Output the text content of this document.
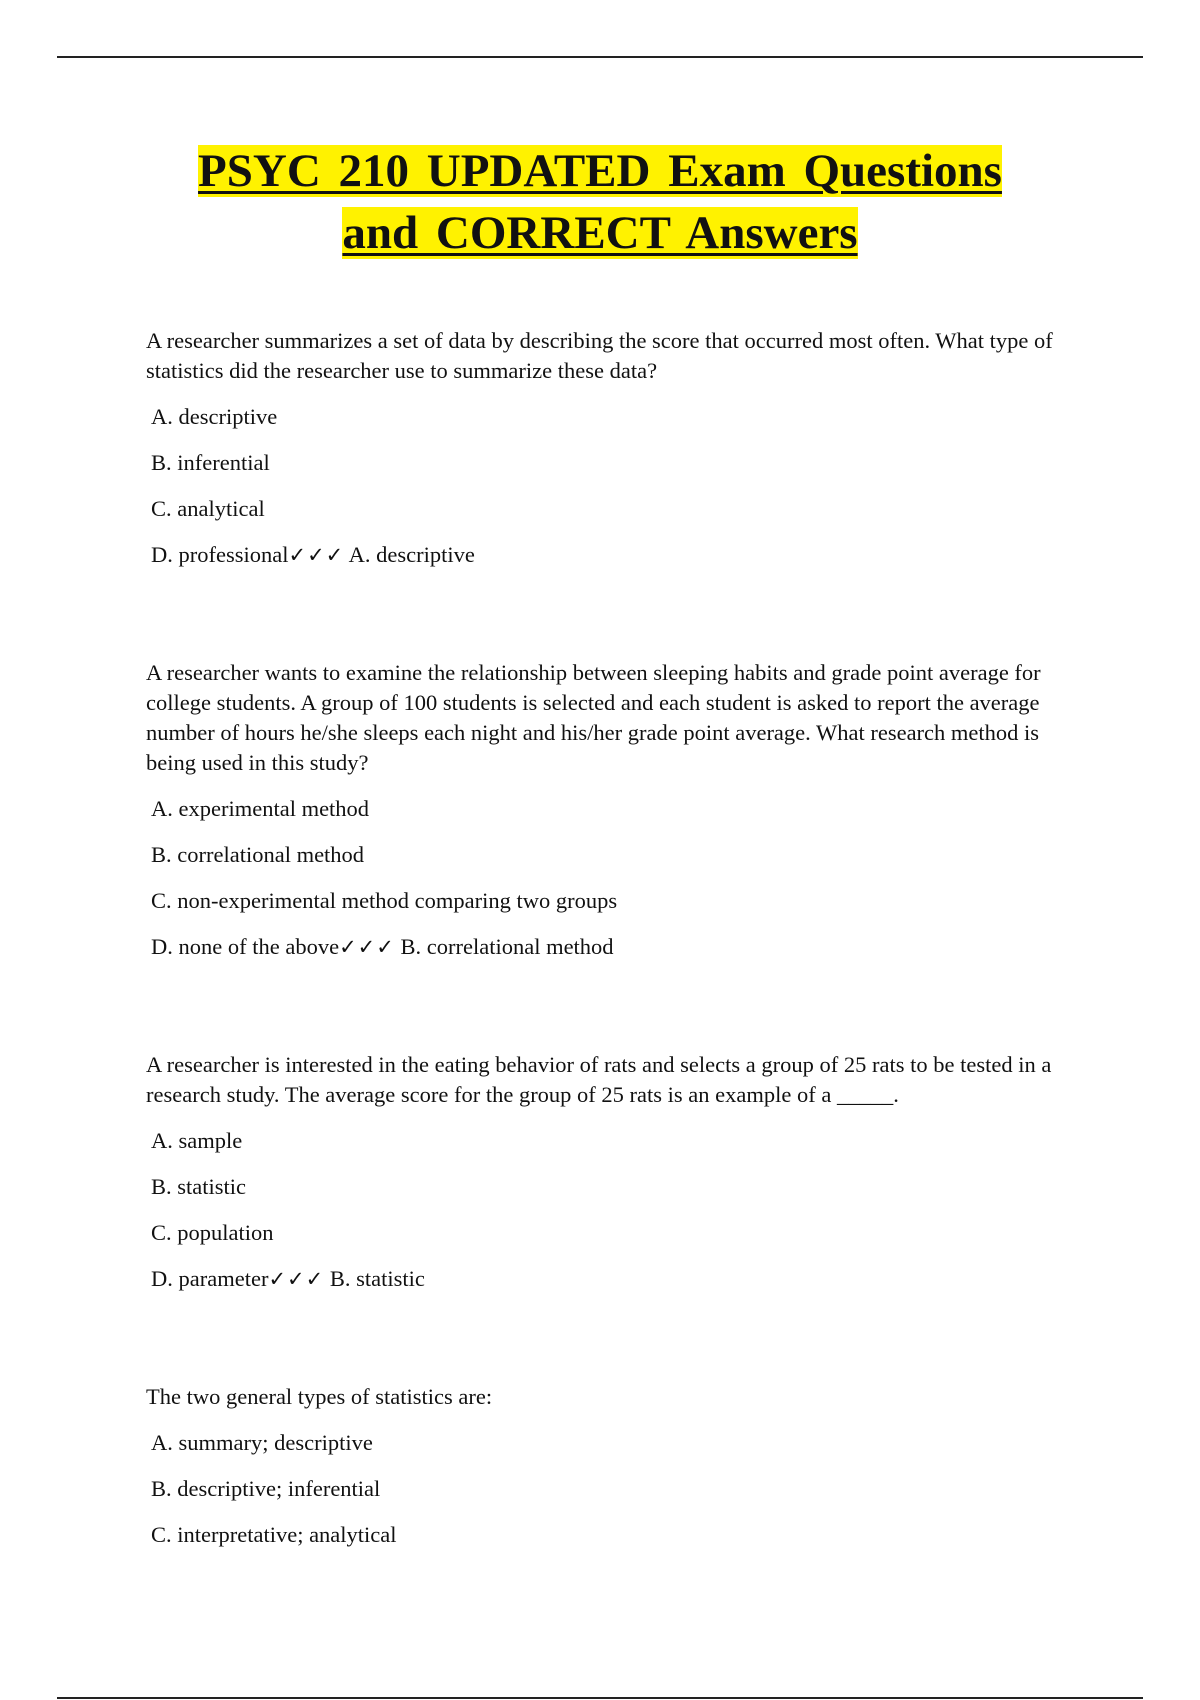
PSYC 210 UPDATED Exam Questions
and CORRECT Answers

A researcher summarizes a set of data by describing the score that occurred most often. What type of statistics did the researcher use to summarize these data?

A. descriptive
B. inferential
C. analytical
D. professional✓✓✓ A. descriptive

A researcher wants to examine the relationship between sleeping habits and grade point average for college students. A group of 100 students is selected and each student is asked to report the average number of hours he/she sleeps each night and his/her grade point average. What research method is being used in this study?

A. experimental method
B. correlational method
C. non-experimental method comparing two groups
D. none of the above✓✓✓ B. correlational method

A researcher is interested in the eating behavior of rats and selects a group of 25 rats to be tested in a research study. The average score for the group of 25 rats is an example of a _____.

A. sample
B. statistic
C. population
D. parameter✓✓✓ B. statistic

The two general types of statistics are:

A. summary; descriptive
B. descriptive; inferential
C. interpretative; analytical
